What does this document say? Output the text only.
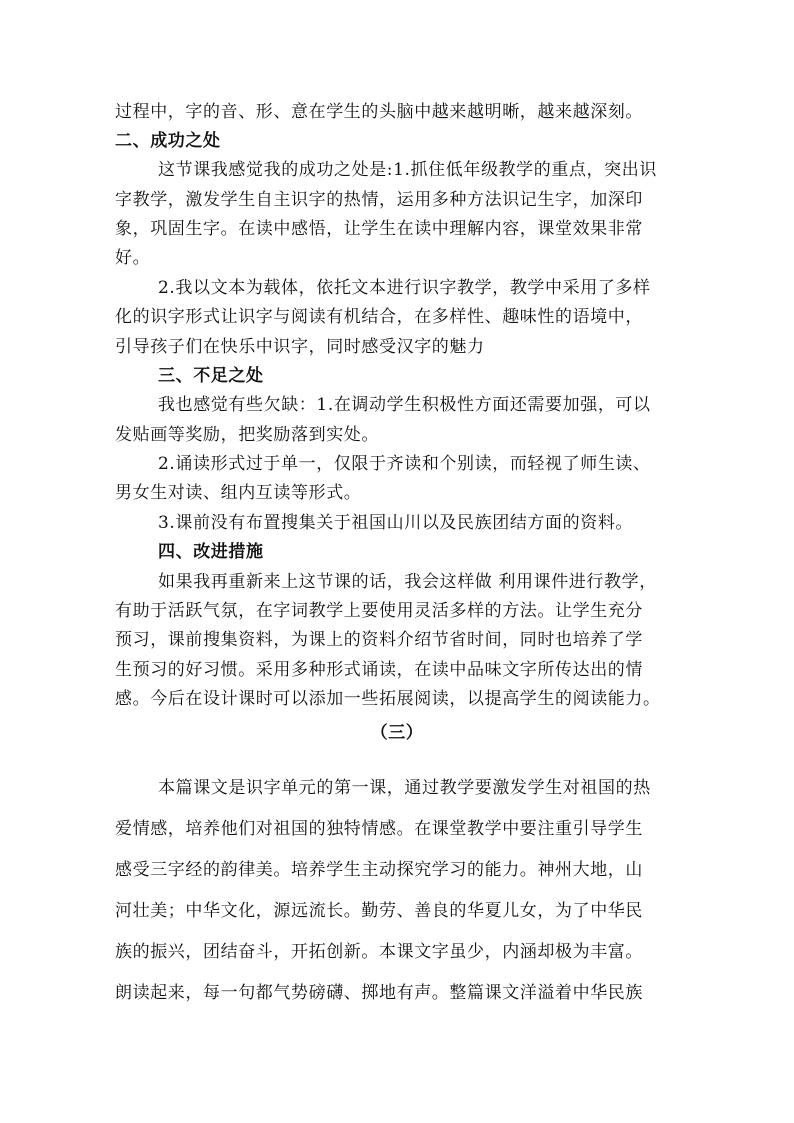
过程中，字的音、形、意在学生的头脑中越来越明晰，越来越深刻。
二、成功之处
这节课我感觉我的成功之处是:1.抓住低年级教学的重点，突出识
字教学，激发学生自主识字的热情，运用多种方法识记生字，加深印
象，巩固生字。在读中感悟，让学生在读中理解内容，课堂效果非常
好。
2.我以文本为载体，依托文本进行识字教学，教学中采用了多样
化的识字形式让识字与阅读有机结合，在多样性、趣味性的语境中，
引导孩子们在快乐中识字，同时感受汉字的魅力
三、不足之处
我也感觉有些欠缺：1.在调动学生积极性方面还需要加强，可以
发贴画等奖励，把奖励落到实处。
2.诵读形式过于单一，仅限于齐读和个别读，而轻视了师生读、
男女生对读、组内互读等形式。
3.课前没有布置搜集关于祖国山川以及民族团结方面的资料。
四、改进措施
如果我再重新来上这节课的话，我会这样做 利用课件进行教学，
有助于活跃气氛，在字词教学上要使用灵活多样的方法。让学生充分
预习，课前搜集资料，为课上的资料介绍节省时间，同时也培养了学
生预习的好习惯。采用多种形式诵读，在读中品味文字所传达出的情
感。今后在设计课时可以添加一些拓展阅读，以提高学生的阅读能力。
（三）
本篇课文是识字单元的第一课，通过教学要激发学生对祖国的热
爱情感，培养他们对祖国的独特情感。在课堂教学中要注重引导学生
感受三字经的韵律美。培养学生主动探究学习的能力。神州大地，山
河壮美；中华文化，源远流长。勤劳、善良的华夏儿女，为了中华民
族的振兴，团结奋斗，开拓创新。本课文字虽少，内涵却极为丰富。
朗读起来，每一句都气势磅礴、掷地有声。整篇课文洋溢着中华民族
